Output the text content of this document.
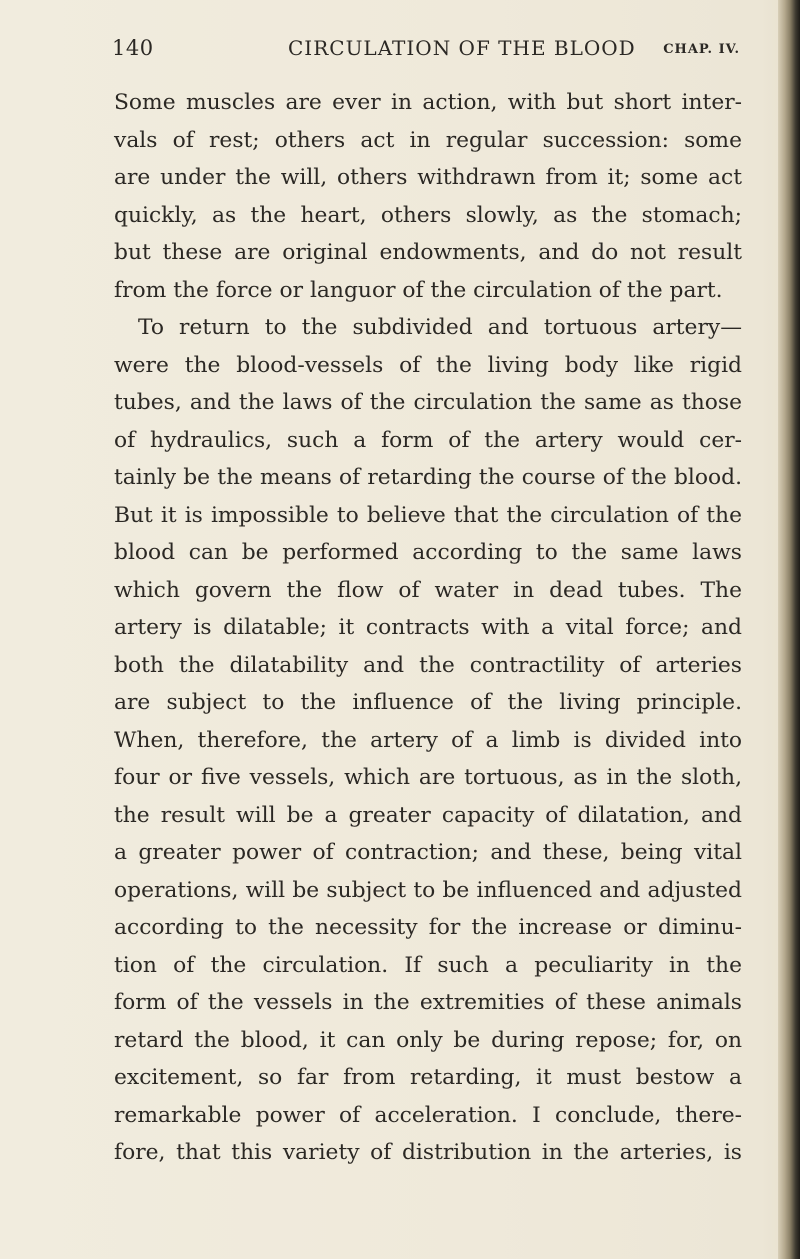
140	CIRCULATION OF THE BLOOD CHAP. IV.
Some muscles are ever in action, with but short inter-
vals of rest; others act in regular succession: some
are under the will, others withdrawn from it; some act
quickly, as the heart, others slowly, as the stomach;
but these are original endowments, and do not result
from the force or languor of the circulation of the part.
To return to the subdivided and tortuous artery—
were the blood-vessels of the living body like rigid
tubes, and the laws of the circulation the same as those
of hydraulics, such a form of the artery would cer-
tainly be the means of retarding the course of the blood.
But it is impossible to believe that the circulation of the
blood can be performed according to the same laws
which govern the flow of water in dead tubes. The
artery is dilatable; it contracts with a vital force; and
both the dilatability and the contractility of arteries
are subject to the influence of the living principle.
When, therefore, the artery of a limb is divided into
four or five vessels, which are tortuous, as in the sloth,
the result will be a greater capacity of dilatation, and
a greater power of contraction; and these, being vital
operations, will be subject to be influenced and adjusted
according to the necessity for the increase or diminu-
tion of the circulation. If such a peculiarity in the
form of the vessels in the extremities of these animals
retard the blood, it can only be during repose; for, on
excitement, so far from retarding, it must bestow a
remarkable power of acceleration. I conclude, there-
fore, that this variety of distribution in the arteries, is
